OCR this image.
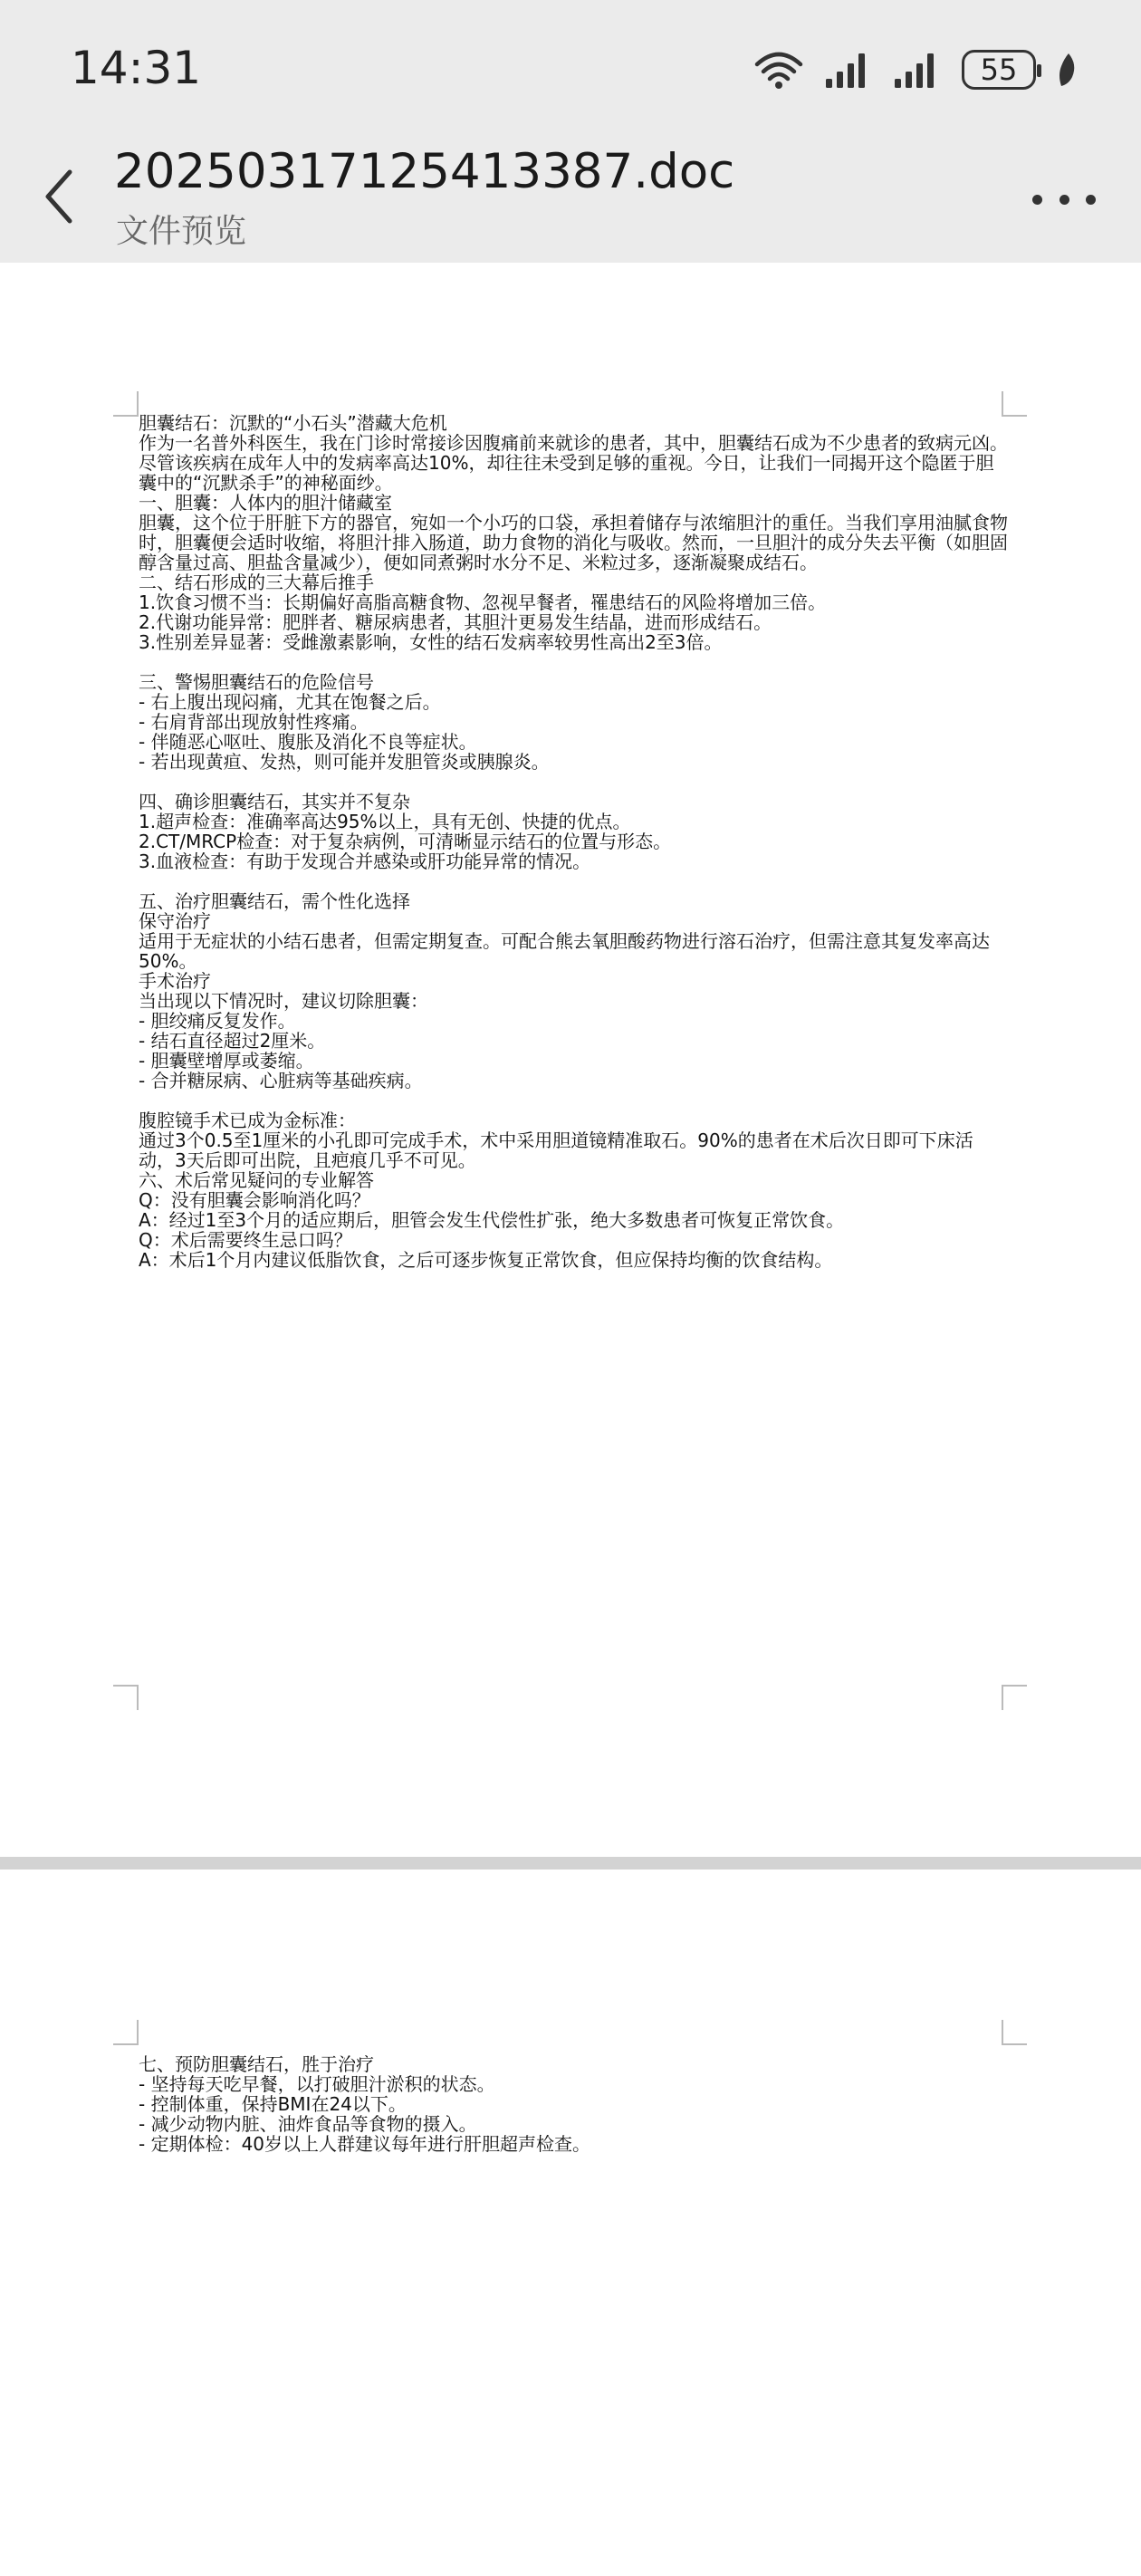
14:31	55
20250317125413387.doc
文件预览

胆囊结石：沉默的“小石头”潜藏大危机

作为一名普外科医生，我在门诊时常接诊因腹痛前来就诊的患者，其中，胆囊结石成为不少患者的致病元凶。尽管该疾病在成年人中的发病率高达10%，却往往未受到足够的重视。今日，让我们一同揭开这个隐匿于胆囊中的“沉默杀手”的神秘面纱。

一、胆囊：人体内的胆汁储藏室

胆囊，这个位于肝脏下方的器官，宛如一个小巧的口袋，承担着储存与浓缩胆汁的重任。当我们享用油腻食物时，胆囊便会适时收缩，将胆汁排入肠道，助力食物的消化与吸收。然而，一旦胆汁的成分失去平衡（如胆固醇含量过高、胆盐含量减少），便如同煮粥时水分不足、米粒过多，逐渐凝聚成结石。

二、结石形成的三大幕后推手

1.饮食习惯不当：长期偏好高脂高糖食物、忽视早餐者，罹患结石的风险将增加三倍。

2.代谢功能异常：肥胖者、糖尿病患者，其胆汁更易发生结晶，进而形成结石。

3.性别差异显著：受雌激素影响，女性的结石发病率较男性高出2至3倍。

三、警惕胆囊结石的危险信号

- 右上腹出现闷痛，尤其在饱餐之后。

- 右肩背部出现放射性疼痛。

- 伴随恶心呕吐、腹胀及消化不良等症状。

- 若出现黄疸、发热，则可能并发胆管炎或胰腺炎。

四、确诊胆囊结石，其实并不复杂

1.超声检查：准确率高达95%以上，具有无创、快捷的优点。

2.CT/MRCP检查：对于复杂病例，可清晰显示结石的位置与形态。

3.血液检查：有助于发现合并感染或肝功能异常的情况。

五、治疗胆囊结石，需个性化选择

保守治疗

适用于无症状的小结石患者，但需定期复查。可配合熊去氧胆酸药物进行溶石治疗，但需注意其复发率高达50%。

手术治疗

当出现以下情况时，建议切除胆囊：

- 胆绞痛反复发作。

- 结石直径超过2厘米。

- 胆囊壁增厚或萎缩。

- 合并糖尿病、心脏病等基础疾病。

腹腔镜手术已成为金标准：

通过3个0.5至1厘米的小孔即可完成手术，术中采用胆道镜精准取石。90%的患者在术后次日即可下床活动，3天后即可出院，且疤痕几乎不可见。

六、术后常见疑问的专业解答

Q：没有胆囊会影响消化吗？

A：经过1至3个月的适应期后，胆管会发生代偿性扩张，绝大多数患者可恢复正常饮食。

Q：术后需要终生忌口吗？

A：术后1个月内建议低脂饮食，之后可逐步恢复正常饮食，但应保持均衡的饮食结构。

七、预防胆囊结石，胜于治疗

- 坚持每天吃早餐，以打破胆汁淤积的状态。

- 控制体重，保持BMI在24以下。

- 减少动物内脏、油炸食品等食物的摄入。

- 定期体检：40岁以上人群建议每年进行肝胆超声检查。
